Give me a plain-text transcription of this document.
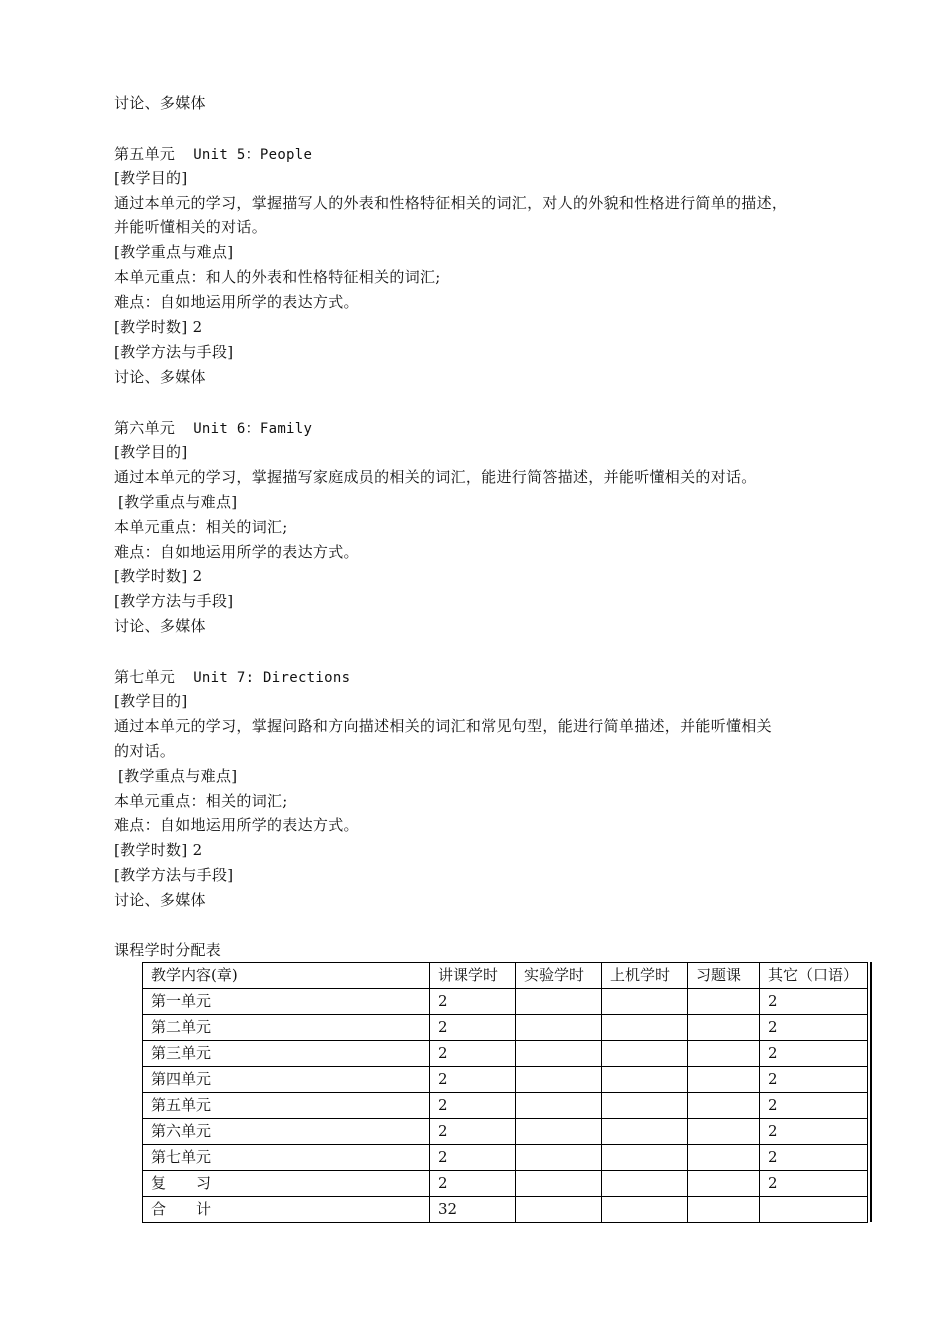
讨论、多媒体
第五单元 Unit 5：People
[教学目的]
通过本单元的学习，掌握描写人的外表和性格特征相关的词汇，对人的外貌和性格进行简单的描述，
并能听懂相关的对话。
[教学重点与难点]
本单元重点：和人的外表和性格特征相关的词汇;
难点：自如地运用所学的表达方式。
[教学时数] 2
[教学方法与手段]
讨论、多媒体
第六单元 Unit 6：Family
[教学目的]
通过本单元的学习，掌握描写家庭成员的相关的词汇，能进行简答描述，并能听懂相关的对话。
[教学重点与难点]
本单元重点：相关的词汇;
难点：自如地运用所学的表达方式。
[教学时数] 2
[教学方法与手段]
讨论、多媒体
第七单元 Unit 7: Directions
[教学目的]
通过本单元的学习，掌握问路和方向描述相关的词汇和常见句型，能进行简单描述，并能听懂相关
的对话。
[教学重点与难点]
本单元重点：相关的词汇;
难点：自如地运用所学的表达方式。
[教学时数] 2
[教学方法与手段]
讨论、多媒体
课程学时分配表
教学内容(章)	讲课学时	实验学时	上机学时	习题课	其它（口语）
第一单元	2				2
第二单元	2				2
第三单元	2				2
第四单元	2				2
第五单元	2				2
第六单元	2				2
第七单元	2				2
复　　习	2				2
合　　计	32				
